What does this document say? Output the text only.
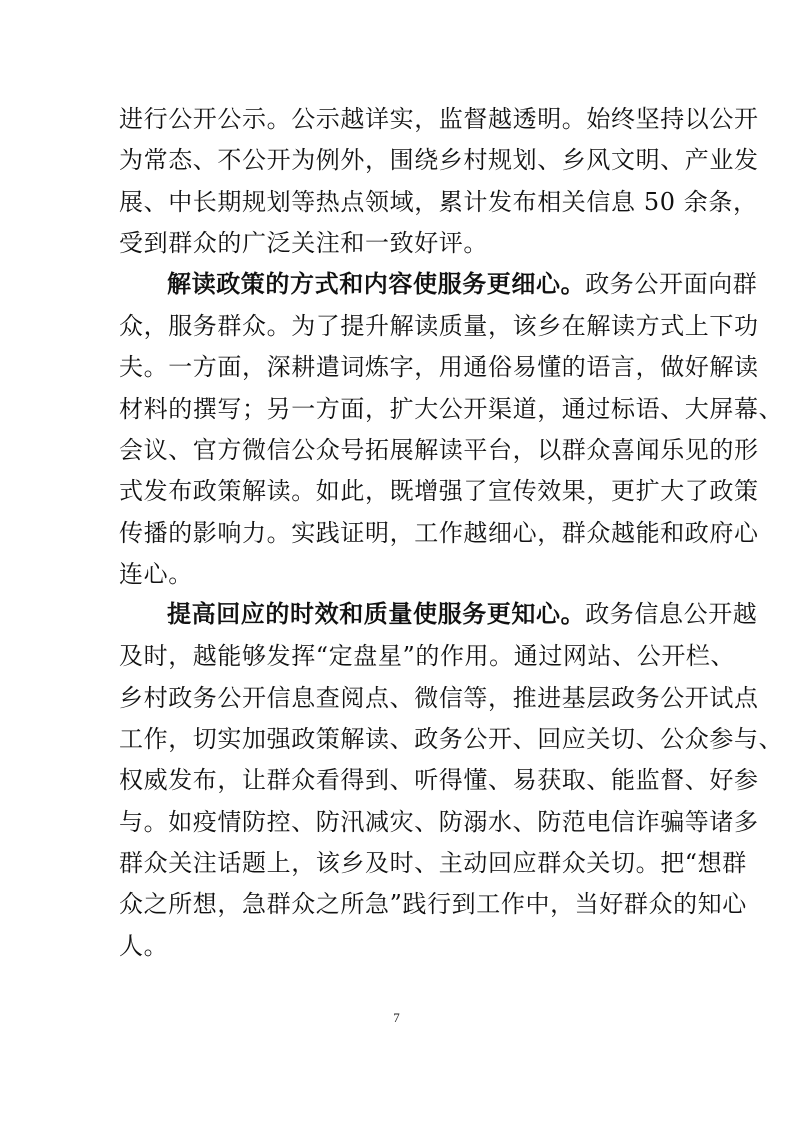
进行公开公示。公示越详实，监督越透明。始终坚持以公开
为常态、不公开为例外，围绕乡村规划、乡风文明、产业发
展、中长期规划等热点领域，累计发布相关信息 50 余条，
受到群众的广泛关注和一致好评。
解读政策的方式和内容使服务更细心。政务公开面向群
众，服务群众。为了提升解读质量，该乡在解读方式上下功
夫。一方面，深耕遣词炼字，用通俗易懂的语言，做好解读
材料的撰写；另一方面，扩大公开渠道，通过标语、大屏幕、
会议、官方微信公众号拓展解读平台，以群众喜闻乐见的形
式发布政策解读。如此，既增强了宣传效果，更扩大了政策
传播的影响力。实践证明，工作越细心，群众越能和政府心
连心。
提高回应的时效和质量使服务更知心。政务信息公开越
及时，越能够发挥“定盘星”的作用。通过网站、公开栏、
乡村政务公开信息查阅点、微信等，推进基层政务公开试点
工作，切实加强政策解读、政务公开、回应关切、公众参与、
权威发布，让群众看得到、听得懂、易获取、能监督、好参
与。如疫情防控、防汛减灾、防溺水、防范电信诈骗等诸多
群众关注话题上，该乡及时、主动回应群众关切。把“想群
众之所想，急群众之所急”践行到工作中，当好群众的知心
人。
7
